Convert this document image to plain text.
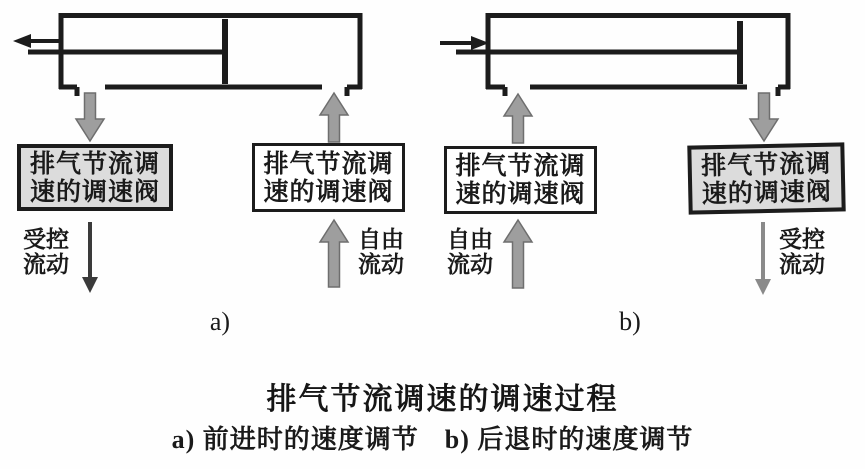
排气节流调
速的调速阀
排气节流调
速的调速阀
排气节流调
速的调速阀
排气节流调
速的调速阀
受控
流动
自由
流动
自由
流动
受控
流动
a)	b)
排气节流调速的调速过程
a) 前进时的速度调节 b) 后退时的速度调节
